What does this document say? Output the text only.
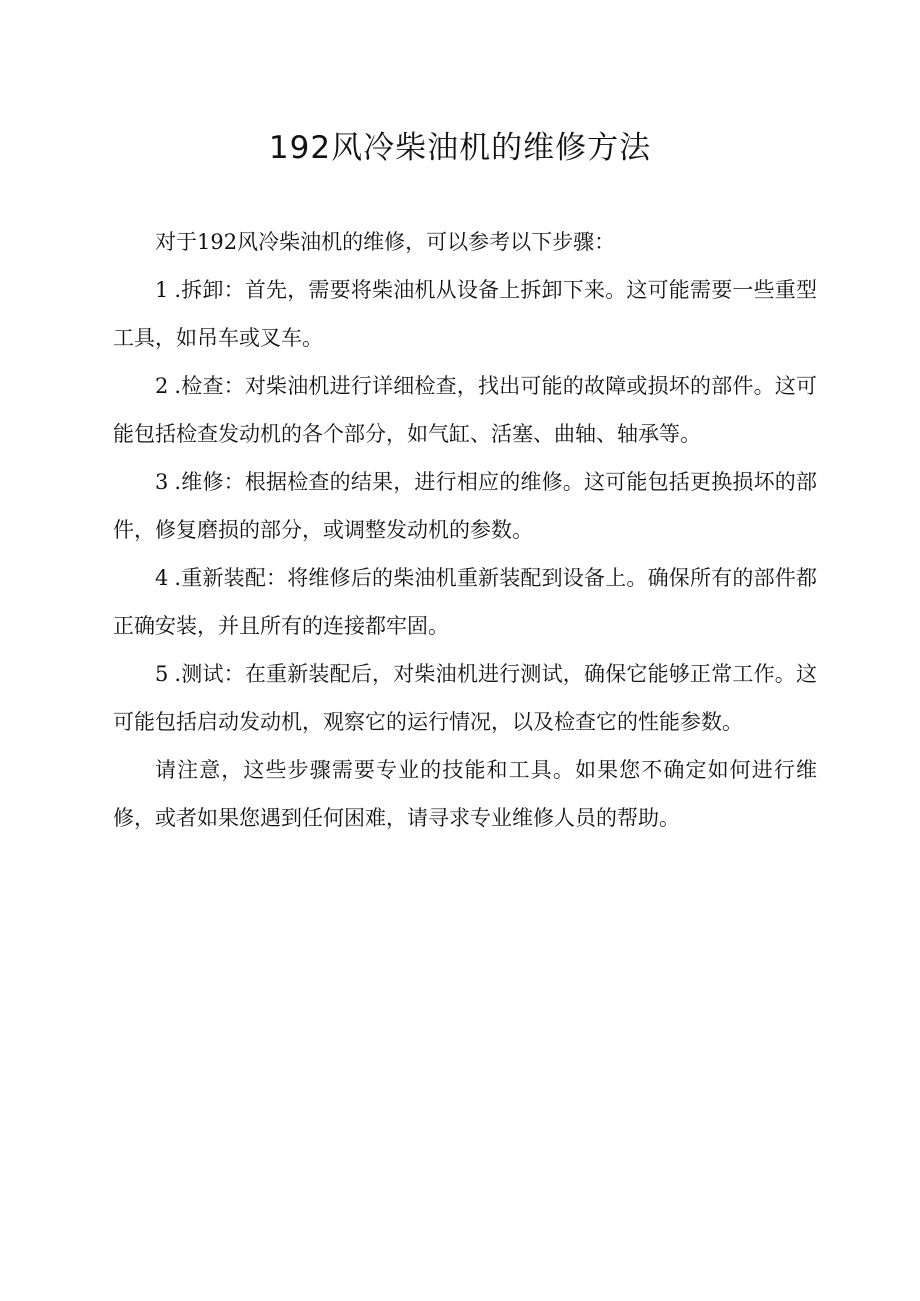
192风冷柴油机的维修方法

对于192风冷柴油机的维修，可以参考以下步骤：

1 .拆卸：首先，需要将柴油机从设备上拆卸下来。这可能需要一些重型工具，如吊车或叉车。

2 .检查：对柴油机进行详细检查，找出可能的故障或损坏的部件。这可能包括检查发动机的各个部分，如气缸、活塞、曲轴、轴承等。

3 .维修：根据检查的结果，进行相应的维修。这可能包括更换损坏的部件，修复磨损的部分，或调整发动机的参数。

4 .重新装配：将维修后的柴油机重新装配到设备上。确保所有的部件都正确安装，并且所有的连接都牢固。

5 .测试：在重新装配后，对柴油机进行测试，确保它能够正常工作。这可能包括启动发动机，观察它的运行情况，以及检查它的性能参数。

请注意，这些步骤需要专业的技能和工具。如果您不确定如何进行维修，或者如果您遇到任何困难，请寻求专业维修人员的帮助。
